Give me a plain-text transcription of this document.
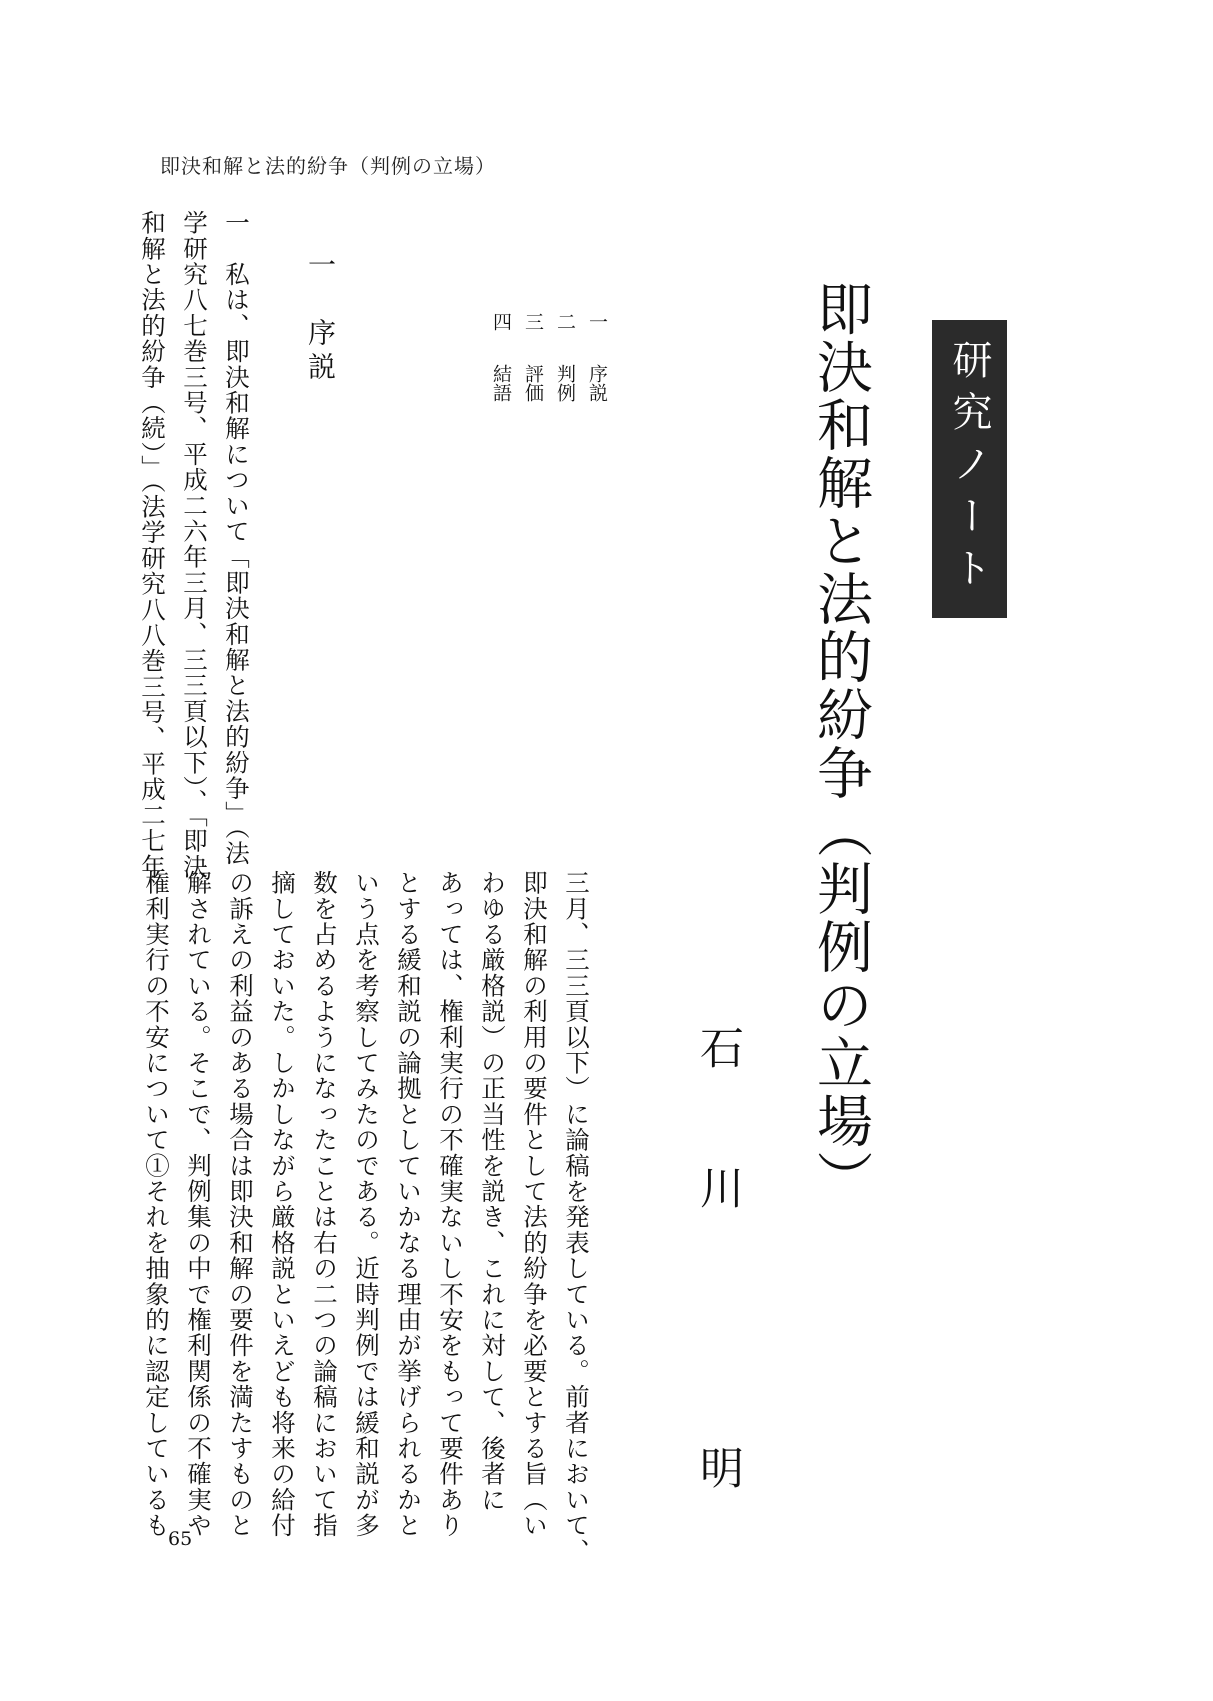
即決和解と法的紛争（判例の立場）
研究ノート
即決和解と法的紛争（判例の立場）
石川　明
一
序説
二
判例
三
評価
四
結語
一　序説
一　私は、即決和解について「即決和解と法的紛争」（法
学研究八七巻三号、平成二六年三月、三三頁以下）、「即決
和解と法的紛争（続）」（法学研究八八巻三号、平成二七年
三月、三三頁以下）に論稿を発表している。前者において、
即決和解の利用の要件として法的紛争を必要とする旨（い
わゆる厳格説）の正当性を説き、これに対して、後者に
あっては、権利実行の不確実ないし不安をもって要件あり
とする緩和説の論拠としていかなる理由が挙げられるかと
いう点を考察してみたのである。近時判例では緩和説が多
数を占めるようになったことは右の二つの論稿において指
摘しておいた。しかしながら厳格説といえども将来の給付
の訴えの利益のある場合は即決和解の要件を満たすものと
解されている。そこで、判例集の中で権利関係の不確実や
権利実行の不安について①それを抽象的に認定しているも
65
